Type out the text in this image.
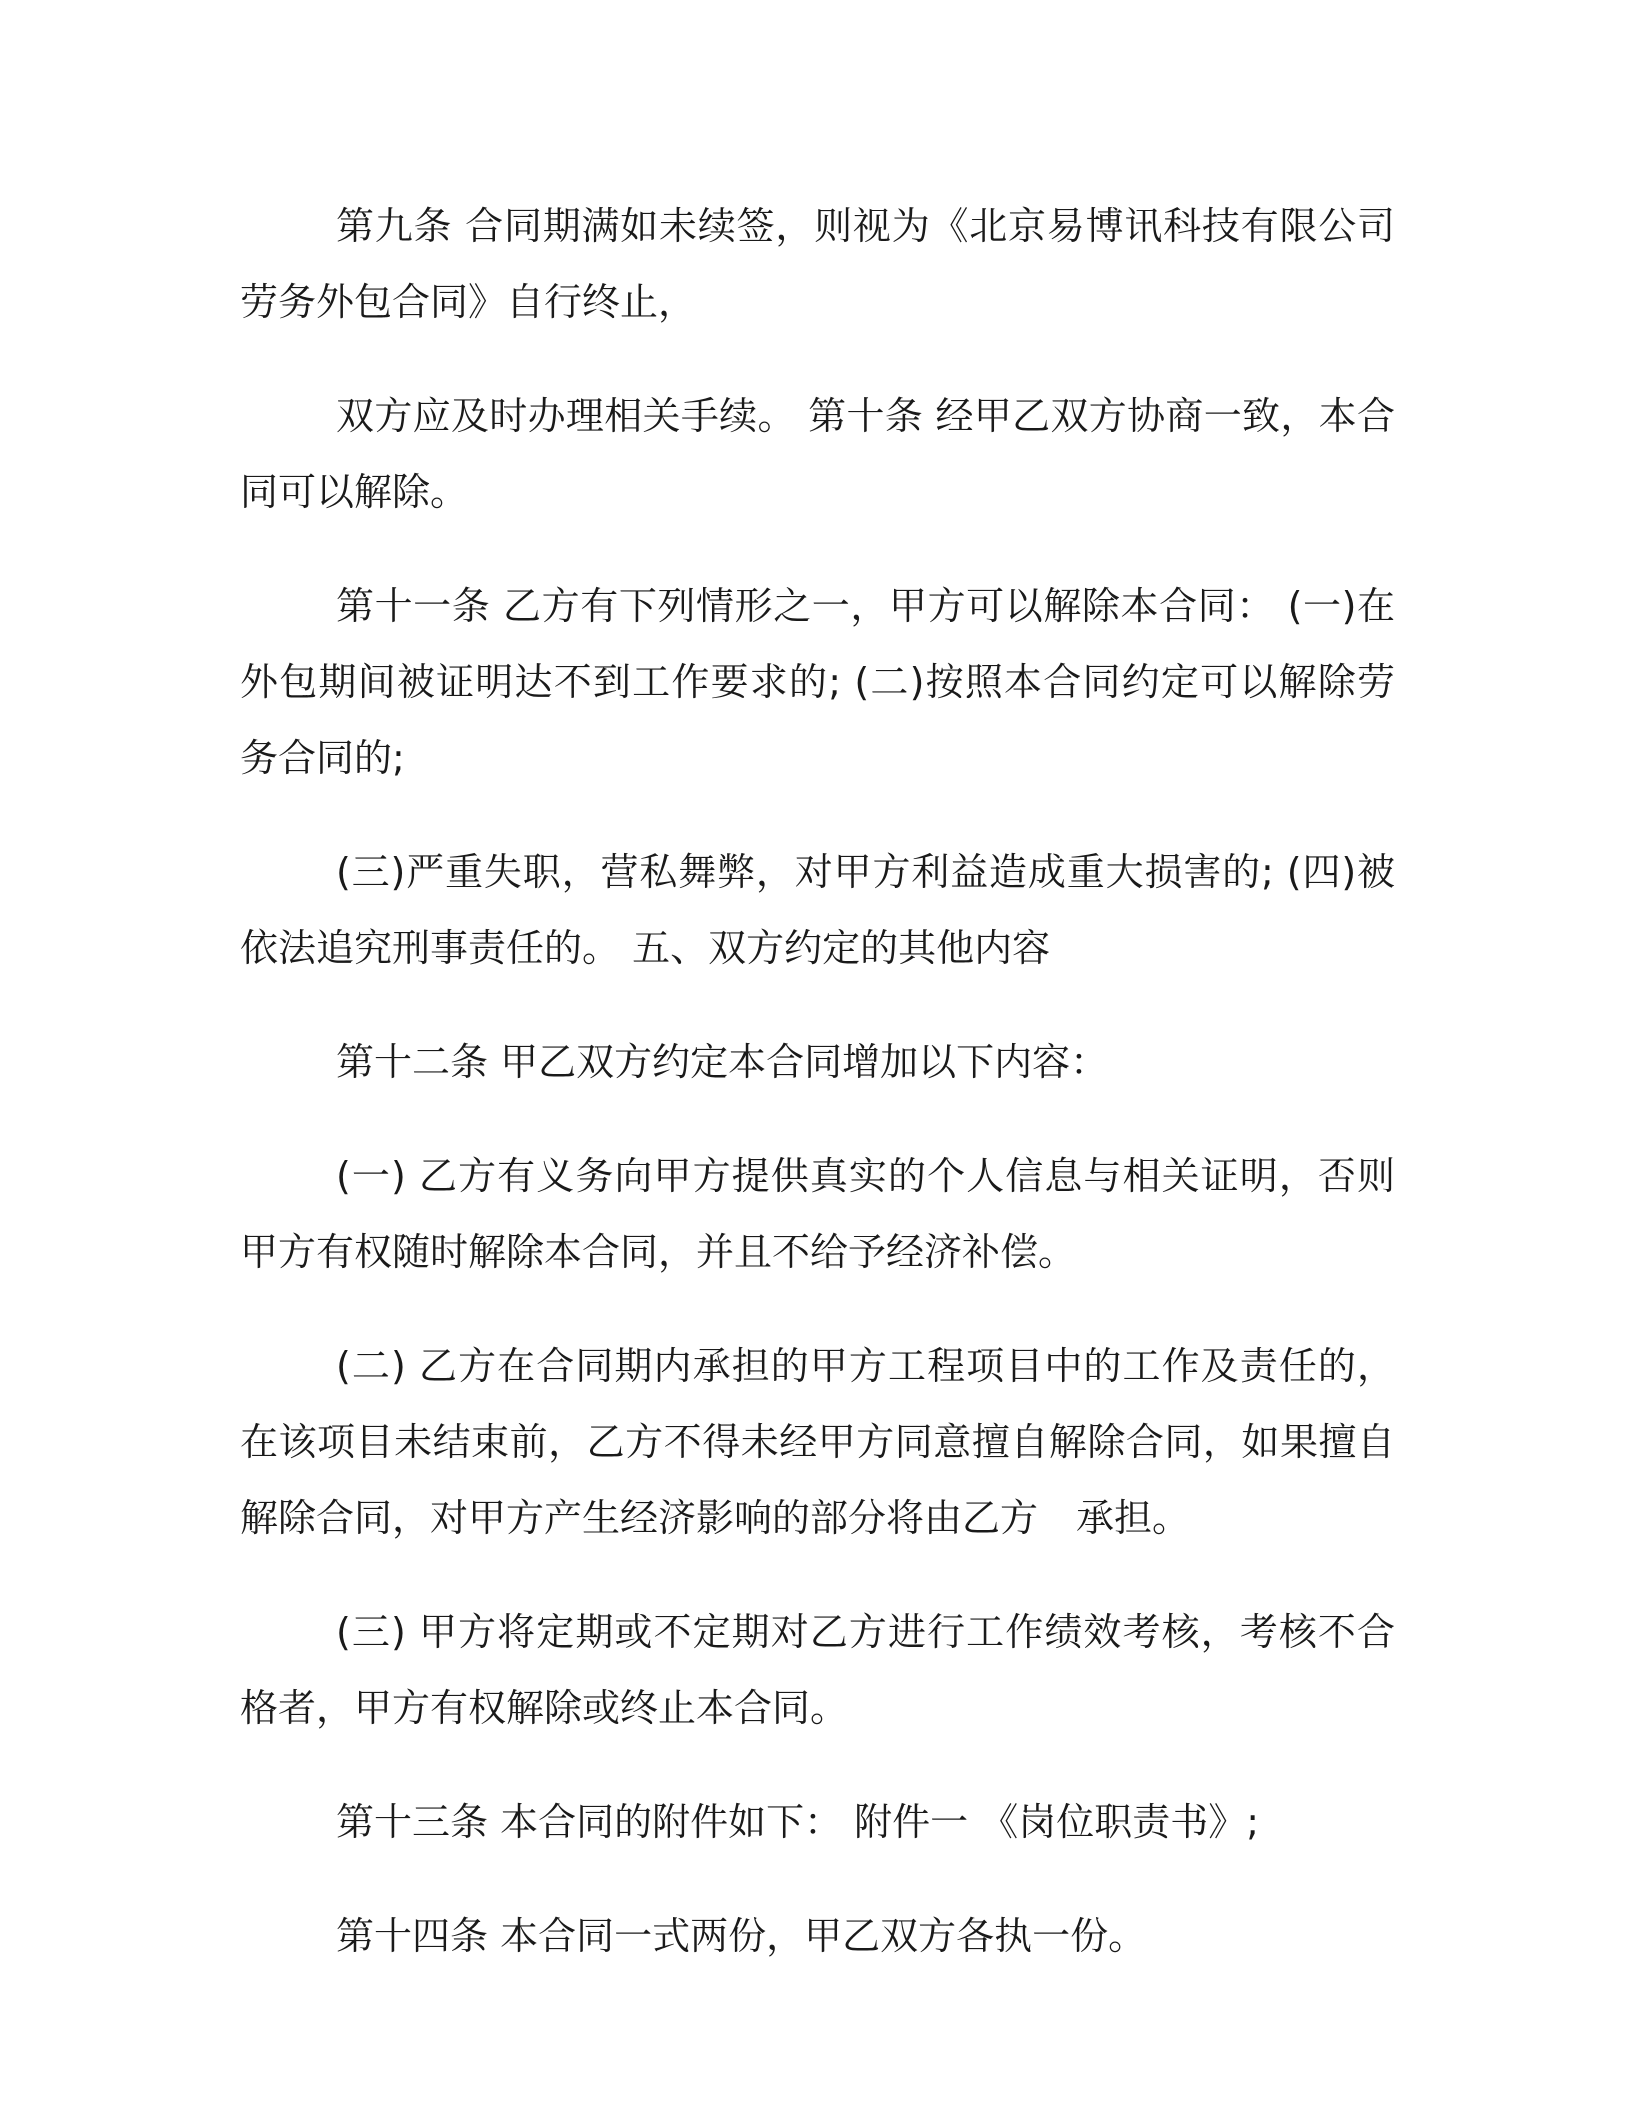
第九条 合同期满如未续签，则视为《北京易博讯科技有限公司劳务外包合同》自行终止，

双方应及时办理相关手续。 第十条 经甲乙双方协商一致，本合同可以解除。

第十一条 乙方有下列情形之一，甲方可以解除本合同： (一)在外包期间被证明达不到工作要求的; (二)按照本合同约定可以解除劳务合同的;

(三)严重失职，营私舞弊，对甲方利益造成重大损害的; (四)被依法追究刑事责任的。 五、双方约定的其他内容

第十二条 甲乙双方约定本合同增加以下内容：

(一) 乙方有义务向甲方提供真实的个人信息与相关证明，否则甲方有权随时解除本合同，并且不给予经济补偿。

(二) 乙方在合同期内承担的甲方工程项目中的工作及责任的，在该项目未结束前，乙方不得未经甲方同意擅自解除合同，如果擅自解除合同，对甲方产生经济影响的部分将由乙方　承担。

(三) 甲方将定期或不定期对乙方进行工作绩效考核，考核不合格者，甲方有权解除或终止本合同。

第十三条 本合同的附件如下： 附件一 《岗位职责书》;

第十四条 本合同一式两份，甲乙双方各执一份。
